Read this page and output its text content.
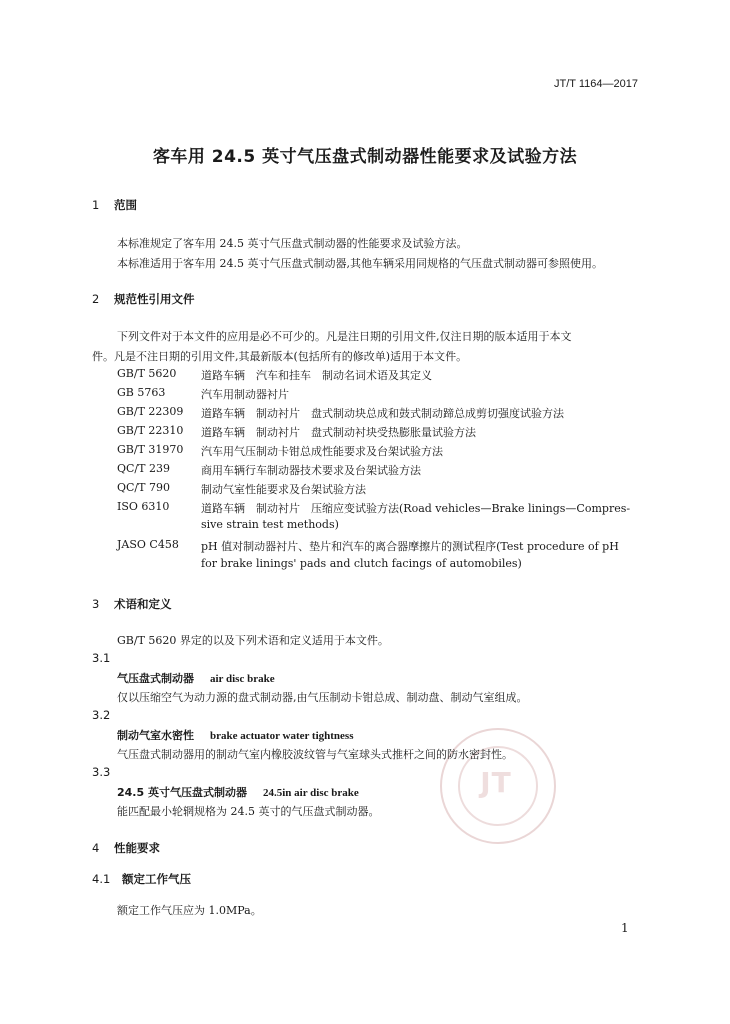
JT
JT/T 1164—2017
客车用 24.5 英寸气压盘式制动器性能要求及试验方法
1 范围
本标准规定了客车用 24.5 英寸气压盘式制动器的性能要求及试验方法。
本标准适用于客车用 24.5 英寸气压盘式制动器,其他车辆采用同规格的气压盘式制动器可参照使用。
2 规范性引用文件
下列文件对于本文件的应用是必不可少的。凡是注日期的引用文件,仅注日期的版本适用于本文
件。凡是不注日期的引用文件,其最新版本(包括所有的修改单)适用于本文件。
GB/T 5620 道路车辆　汽车和挂车　制动名词术语及其定义
GB 5763	汽车用制动器衬片
GB/T 22309 道路车辆　制动衬片　盘式制动块总成和鼓式制动蹄总成剪切强度试验方法
GB/T 22310 道路车辆　制动衬片　盘式制动衬块受热膨胀量试验方法
GB/T 31970 汽车用气压制动卡钳总成性能要求及台架试验方法
QC/T 239	商用车辆行车制动器技术要求及台架试验方法
QC/T 790	制动气室性能要求及台架试验方法
ISO 6310	道路车辆　制动衬片　压缩应变试验方法(Road vehicles—Brake linings—Compres-
sive strain test methods)
JASO C458 pH 值对制动器衬片、垫片和汽车的离合器摩擦片的测试程序(Test procedure of pH
for brake linings' pads and clutch facings of automobiles)
3 术语和定义
GB/T 5620 界定的以及下列术语和定义适用于本文件。
3.1
气压盘式制动器 air disc brake
仅以压缩空气为动力源的盘式制动器,由气压制动卡钳总成、制动盘、制动气室组成。
3.2
制动气室水密性 brake actuator water tightness
气压盘式制动器用的制动气室内橡胶波纹管与气室球头式推杆之间的防水密封性。
3.3
24.5 英寸气压盘式制动器 24.5in air disc brake
能匹配最小轮辋规格为 24.5 英寸的气压盘式制动器。
4 性能要求
4.1 额定工作气压
额定工作气压应为 1.0MPa。
1
